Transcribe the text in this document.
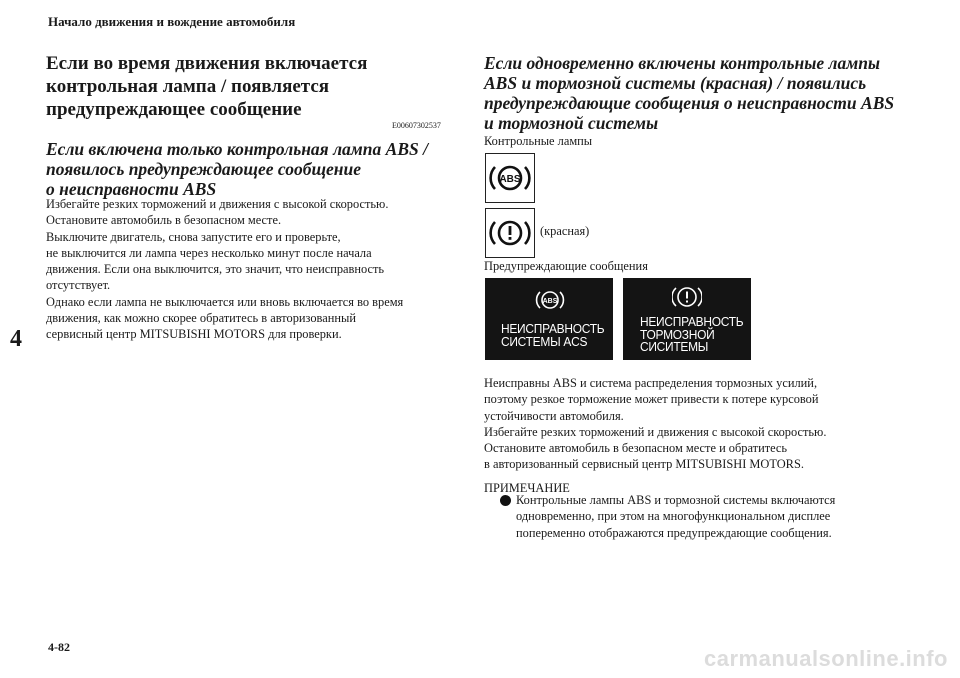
Начало движения и вождение автомобиля
4
Если во время движения включается
контрольная лампа / появляется
предупреждающее сообщение
E00607302537
Если включена только контрольная лампа ABS /
появилось предупреждающее сообщение
о неисправности ABS
Избегайте резких торможений и движения с высокой скоростью.
Остановите автомобиль в безопасном месте.
Выключите двигатель, снова запустите его и проверьте,
не выключится ли лампа через несколько минут после начала
движения. Если она выключится, это значит, что неисправность
отсутствует.
Однако если лампа не выключается или вновь включается во время
движения, как можно скорее обратитесь в авторизованный
сервисный центр MITSUBISHI MOTORS для проверки.
Если одновременно включены контрольные лампы
ABS и тормозной системы (красная) / появились
предупреждающие сообщения о неисправности ABS
и тормозной системы
Контрольные лампы
ABS
(красная)
Предупреждающие сообщения
ABS
НЕИСПРАВНОСТЬ
СИСТЕМЫ ACS
НЕИСПРАВНОСТЬ
ТОРМОЗНОЙ
СИСИТЕМЫ
Неисправны ABS и система распределения тормозных усилий,
поэтому резкое торможение может привести к потере курсовой
устойчивости автомобиля.
Избегайте резких торможений и движения с высокой скоростью.
Остановите автомобиль в безопасном месте и обратитесь
в авторизованный сервисный центр MITSUBISHI MOTORS.
ПРИМЕЧАНИЕ
Контрольные лампы ABS и тормозной системы включаются
одновременно, при этом на многофункциональном дисплее
попеременно отображаются предупреждающие сообщения.
4-82	carmanualsonline.info
